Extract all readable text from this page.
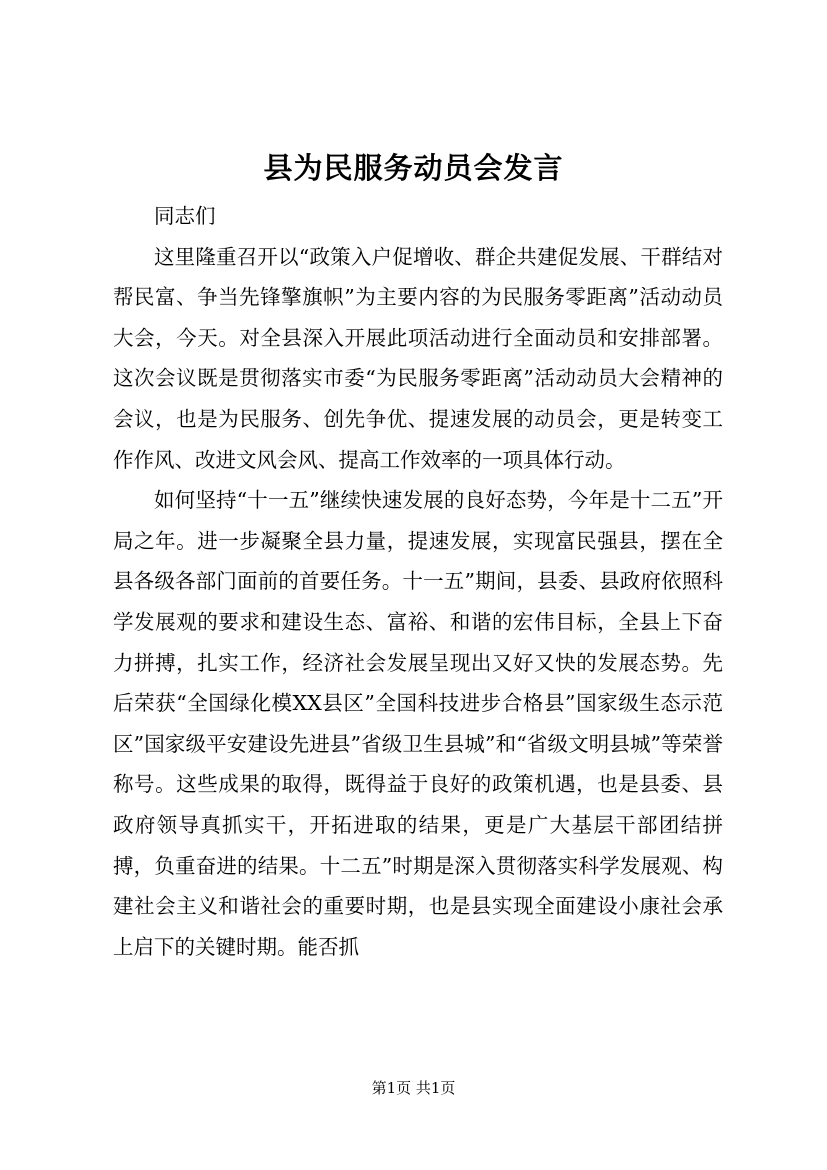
县为民服务动员会发言

同志们

这里隆重召开以“政策入户促增收、群企共建促发展、干群结对帮民富、争当先锋擎旗帜”为主要内容的为民服务零距离”活动动员大会，今天。对全县深入开展此项活动进行全面动员和安排部署。这次会议既是贯彻落实市委“为民服务零距离”活动动员大会精神的会议，也是为民服务、创先争优、提速发展的动员会，更是转变工作作风、改进文风会风、提高工作效率的一项具体行动。

如何坚持“十一五”继续快速发展的良好态势，今年是十二五”开局之年。进一步凝聚全县力量，提速发展，实现富民强县，摆在全县各级各部门面前的首要任务。十一五”期间，县委、县政府依照科学发展观的要求和建设生态、富裕、和谐的宏伟目标，全县上下奋力拼搏，扎实工作，经济社会发展呈现出又好又快的发展态势。先后荣获“全国绿化模XX县区”全国科技进步合格县”国家级生态示范区”国家级平安建设先进县”省级卫生县城”和“省级文明县城”等荣誉称号。这些成果的取得，既得益于良好的政策机遇，也是县委、县政府领导真抓实干，开拓进取的结果，更是广大基层干部团结拼搏，负重奋进的结果。十二五”时期是深入贯彻落实科学发展观、构建社会主义和谐社会的重要时期，也是县实现全面建设小康社会承上启下的关键时期。能否抓

第1页 共1页
